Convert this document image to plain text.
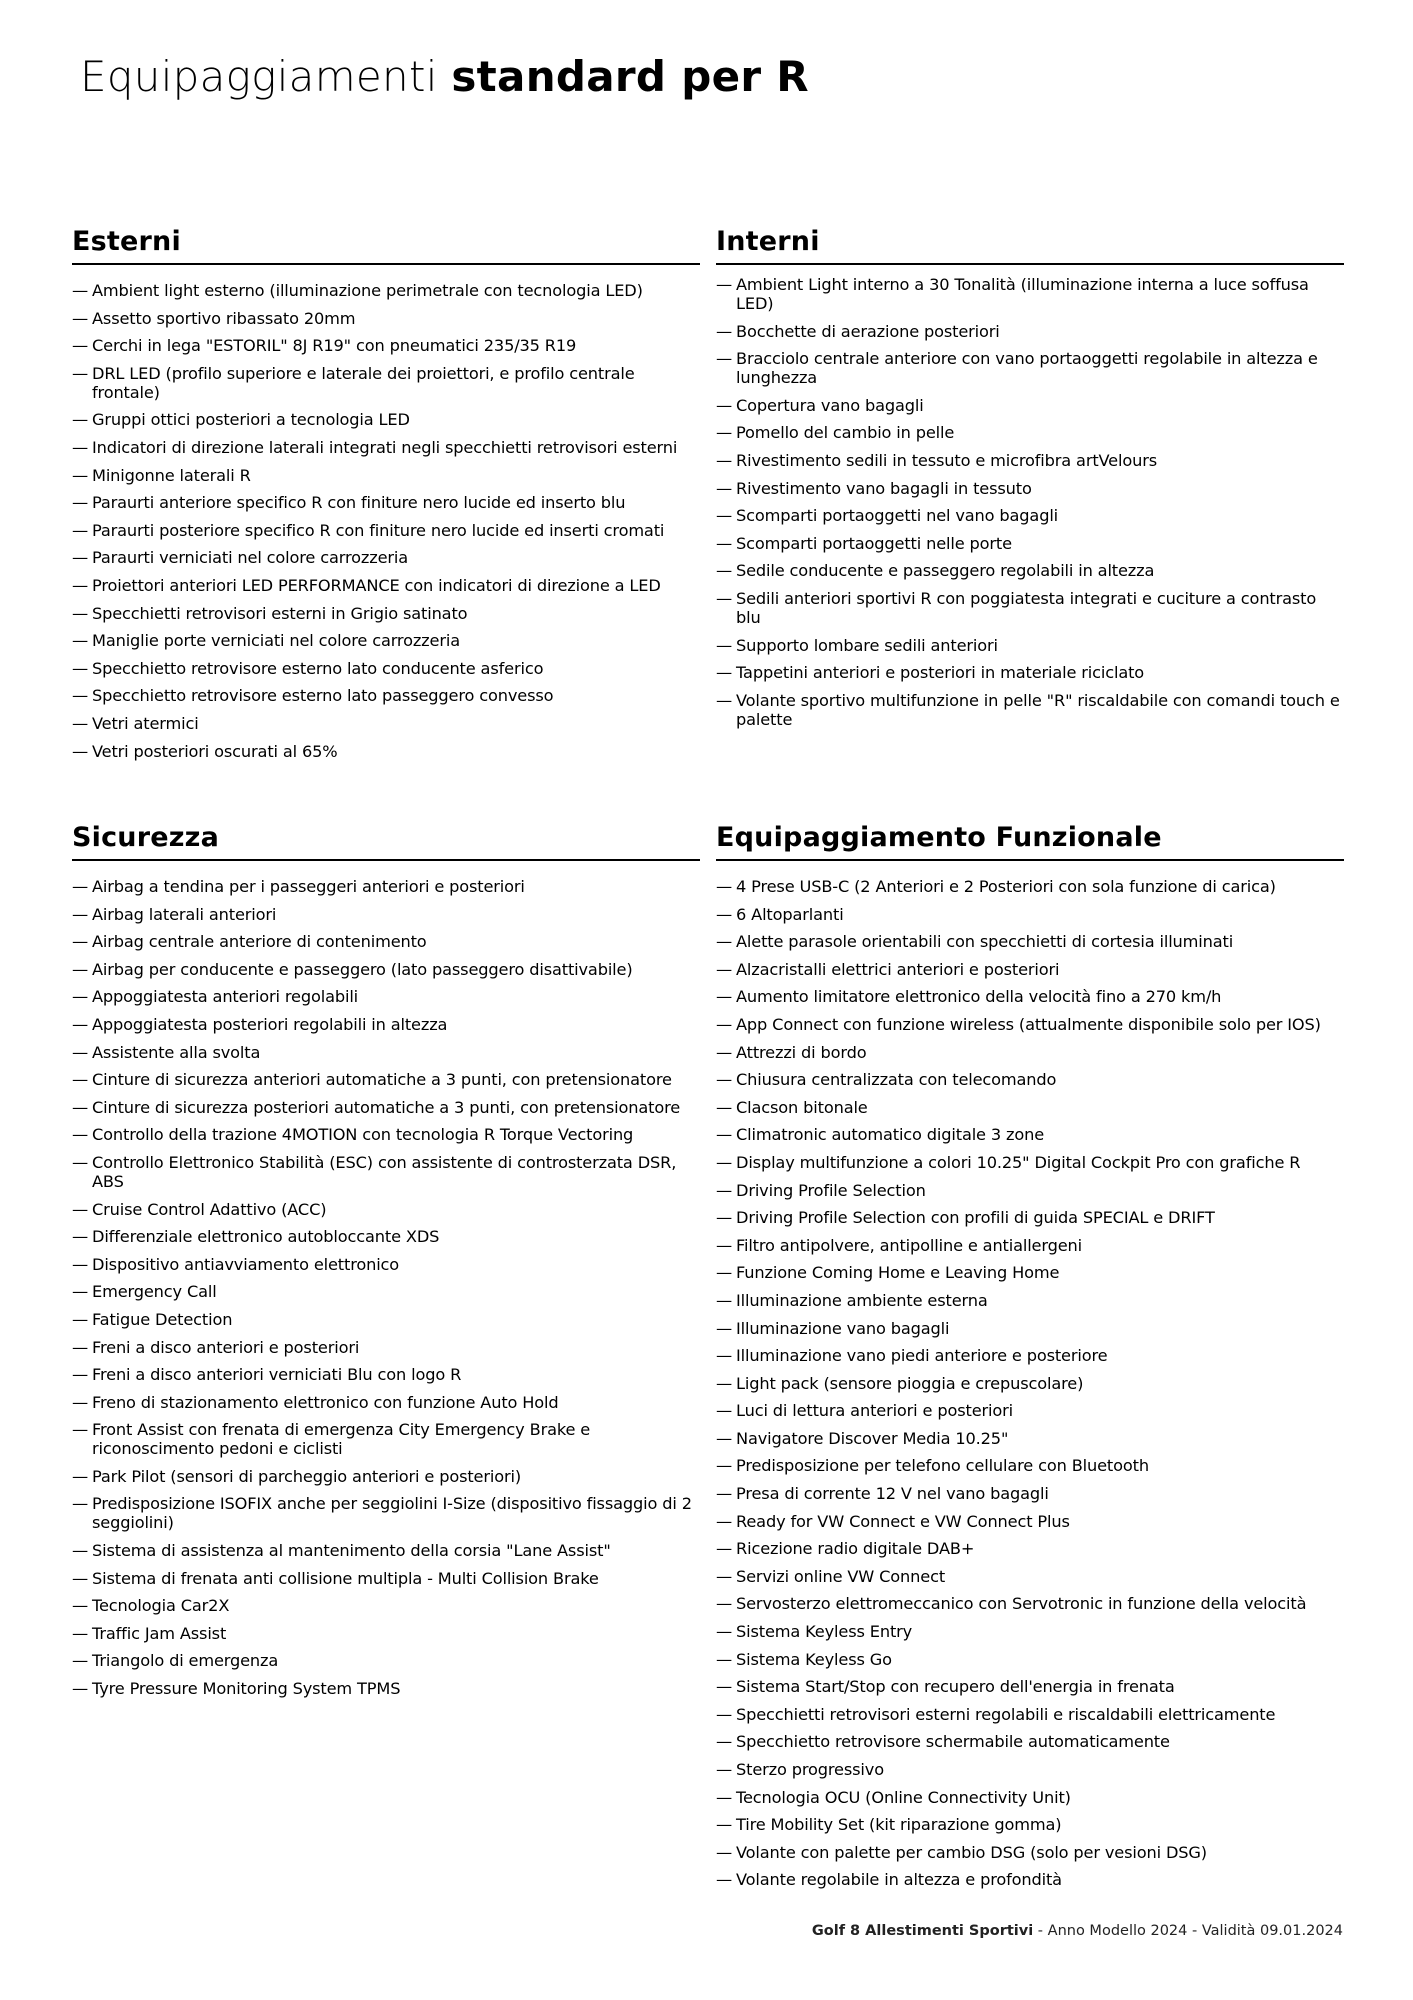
Equipaggiamenti standard per R
Esterni
— Ambient light esterno (illuminazione perimetrale con tecnologia LED)
— Assetto sportivo ribassato 20mm
— Cerchi in lega "ESTORIL" 8J R19" con pneumatici 235/35 R19
— DRL LED (profilo superiore e laterale dei proiettori, e profilo centrale frontale)
— Gruppi ottici posteriori a tecnologia LED
— Indicatori di direzione laterali integrati negli specchietti retrovisori esterni
— Minigonne laterali R
— Paraurti anteriore specifico R con finiture nero lucide ed inserto blu
— Paraurti posteriore specifico R con finiture nero lucide ed inserti cromati
— Paraurti verniciati nel colore carrozzeria
— Proiettori anteriori LED PERFORMANCE con indicatori di direzione a LED
— Specchietti retrovisori esterni in Grigio satinato
— Maniglie porte verniciati nel colore carrozzeria
— Specchietto retrovisore esterno lato conducente asferico
— Specchietto retrovisore esterno lato passeggero convesso
— Vetri atermici
— Vetri posteriori oscurati al 65%
Interni
— Ambient Light interno a 30 Tonalità (illuminazione interna a luce soffusa LED)
— Bocchette di aerazione posteriori
— Bracciolo centrale anteriore con vano portaoggetti regolabile in altezza e lunghezza
— Copertura vano bagagli
— Pomello del cambio in pelle
— Rivestimento sedili in tessuto e microfibra artVelours
— Rivestimento vano bagagli in tessuto
— Scomparti portaoggetti nel vano bagagli
— Scomparti portaoggetti nelle porte
— Sedile conducente e passeggero regolabili in altezza
— Sedili anteriori sportivi R con poggiatesta integrati e cuciture a contrasto blu
— Supporto lombare sedili anteriori
— Tappetini anteriori e posteriori in materiale riciclato
— Volante sportivo multifunzione in pelle "R" riscaldabile con comandi touch e palette
Sicurezza
— Airbag a tendina per i passeggeri anteriori e posteriori
— Airbag laterali anteriori
— Airbag centrale anteriore di contenimento
— Airbag per conducente e passeggero (lato passeggero disattivabile)
— Appoggiatesta anteriori regolabili
— Appoggiatesta posteriori regolabili in altezza
— Assistente alla svolta
— Cinture di sicurezza anteriori automatiche a 3 punti, con pretensionatore
— Cinture di sicurezza posteriori automatiche a 3 punti, con pretensionatore
— Controllo della trazione 4MOTION con tecnologia R Torque Vectoring
— Controllo Elettronico Stabilità (ESC) con assistente di controsterzata DSR, ABS
— Cruise Control Adattivo (ACC)
— Differenziale elettronico autobloccante XDS
— Dispositivo antiavviamento elettronico
— Emergency Call
— Fatigue Detection
— Freni a disco anteriori e posteriori
— Freni a disco anteriori verniciati Blu con logo R
— Freno di stazionamento elettronico con funzione Auto Hold
— Front Assist con frenata di emergenza City Emergency Brake e riconoscimento pedoni e ciclisti
— Park Pilot (sensori di parcheggio anteriori e posteriori)
— Predisposizione ISOFIX anche per seggiolini I-Size (dispositivo fissaggio di 2 seggiolini)
— Sistema di assistenza al mantenimento della corsia "Lane Assist"
— Sistema di frenata anti collisione multipla - Multi Collision Brake
— Tecnologia Car2X
— Traffic Jam Assist
— Triangolo di emergenza
— Tyre Pressure Monitoring System TPMS
Equipaggiamento Funzionale
— 4 Prese USB-C (2 Anteriori e 2 Posteriori con sola funzione di carica)
— 6 Altoparlanti
— Alette parasole orientabili con specchietti di cortesia illuminati
— Alzacristalli elettrici anteriori e posteriori
— Aumento limitatore elettronico della velocità fino a 270 km/h
— App Connect con funzione wireless (attualmente disponibile solo per IOS)
— Attrezzi di bordo
— Chiusura centralizzata con telecomando
— Clacson bitonale
— Climatronic automatico digitale 3 zone
— Display multifunzione a colori 10.25" Digital Cockpit Pro con grafiche R
— Driving Profile Selection
— Driving Profile Selection con profili di guida SPECIAL e DRIFT
— Filtro antipolvere, antipolline e antiallergeni
— Funzione Coming Home e Leaving Home
— Illuminazione ambiente esterna
— Illuminazione vano bagagli
— Illuminazione vano piedi anteriore e posteriore
— Light pack (sensore pioggia e crepuscolare)
— Luci di lettura anteriori e posteriori
— Navigatore Discover Media 10.25"
— Predisposizione per telefono cellulare con Bluetooth
— Presa di corrente 12 V nel vano bagagli
— Ready for VW Connect e VW Connect Plus
— Ricezione radio digitale DAB+
— Servizi online VW Connect
— Servosterzo elettromeccanico con Servotronic in funzione della velocità
— Sistema Keyless Entry
— Sistema Keyless Go
— Sistema Start/Stop con recupero dell'energia in frenata
— Specchietti retrovisori esterni regolabili e riscaldabili elettricamente
— Specchietto retrovisore schermabile automaticamente
— Sterzo progressivo
— Tecnologia OCU (Online Connectivity Unit)
— Tire Mobility Set (kit riparazione gomma)
— Volante con palette per cambio DSG (solo per vesioni DSG)
— Volante regolabile in altezza e profondità
Golf 8 Allestimenti Sportivi - Anno Modello 2024 - Validità 09.01.2024
